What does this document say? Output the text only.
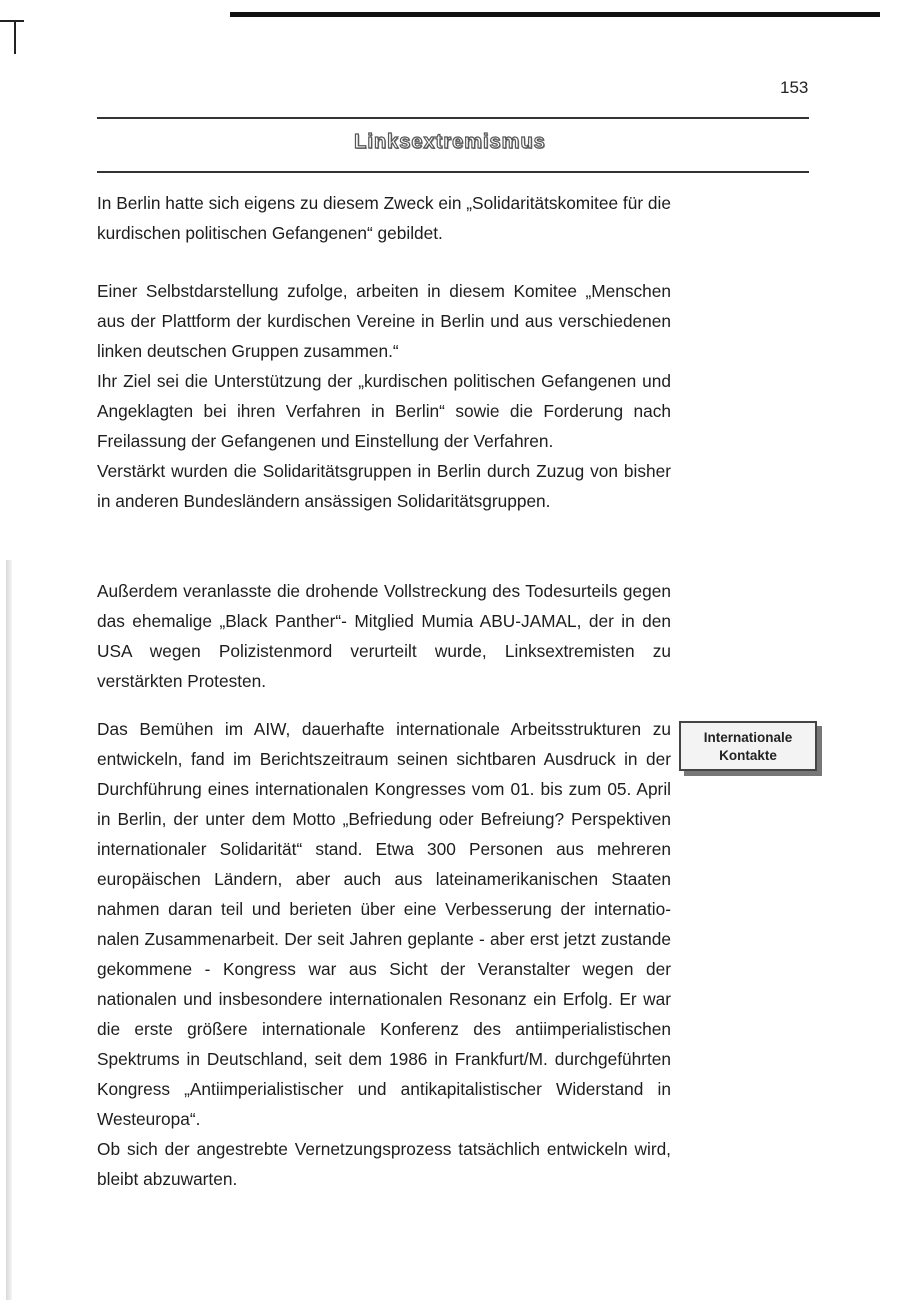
153
Linksextremismus

In Berlin hatte sich eigens zu diesem Zweck ein „Solidaritätskomitee für die kurdischen politischen Gefangenen“ gebildet.

Einer Selbstdarstellung zufolge, arbeiten in diesem Komitee „Menschen aus der Plattform der kurdischen Vereine in Berlin und aus verschiedenen linken deutschen Gruppen zusammen.“

Ihr Ziel sei die Unterstützung der „kurdischen politischen Gefangenen und Angeklagten bei ihren Verfahren in Berlin“ sowie die Forderung nach Freilassung der Gefangenen und Einstellung der Verfahren.

Verstärkt wurden die Solidaritätsgruppen in Berlin durch Zuzug von bisher in anderen Bundesländern ansässigen Solidaritätsgruppen.

Außerdem veranlasste die drohende Vollstreckung des Todesurteils gegen das ehemalige „Black Panther“- Mitglied Mumia ABU-JAMAL, der in den USA wegen Polizistenmord verurteilt wurde, Linksextremisten zu verstärkten Protesten.

Das Bemühen im AIW, dauerhafte internationale Arbeitsstrukturen zu entwickeln, fand im Berichtszeitraum seinen sichtbaren Ausdruck in der Durchführung eines internationalen Kongresses vom 01. bis zum 05. April in Berlin, der unter dem Motto „Befriedung oder Befreiung? Perspektiven internationaler Solidarität“ stand. Etwa 300 Personen aus mehreren europäischen Ländern, aber auch aus lateinamerikanischen Staaten nahmen daran teil und berieten über eine Verbesserung der internationalen Zusammenarbeit. Der seit Jahren geplante - aber erst jetzt zustande gekommene - Kongress war aus Sicht der Veranstalter wegen der nationalen und insbesondere internationalen Resonanz ein Erfolg. Er war die erste größere internationale Konferenz des antiimperialistischen Spektrums in Deutschland, seit dem 1986 in Frankfurt/M. durchgeführten Kongress „Antiimperialistischer und antikapitalistischer Widerstand in Westeuropa“.

Ob sich der angestrebte Vernetzungsprozess tatsächlich entwickeln wird, bleibt abzuwarten.

Internationale
Kontakte
